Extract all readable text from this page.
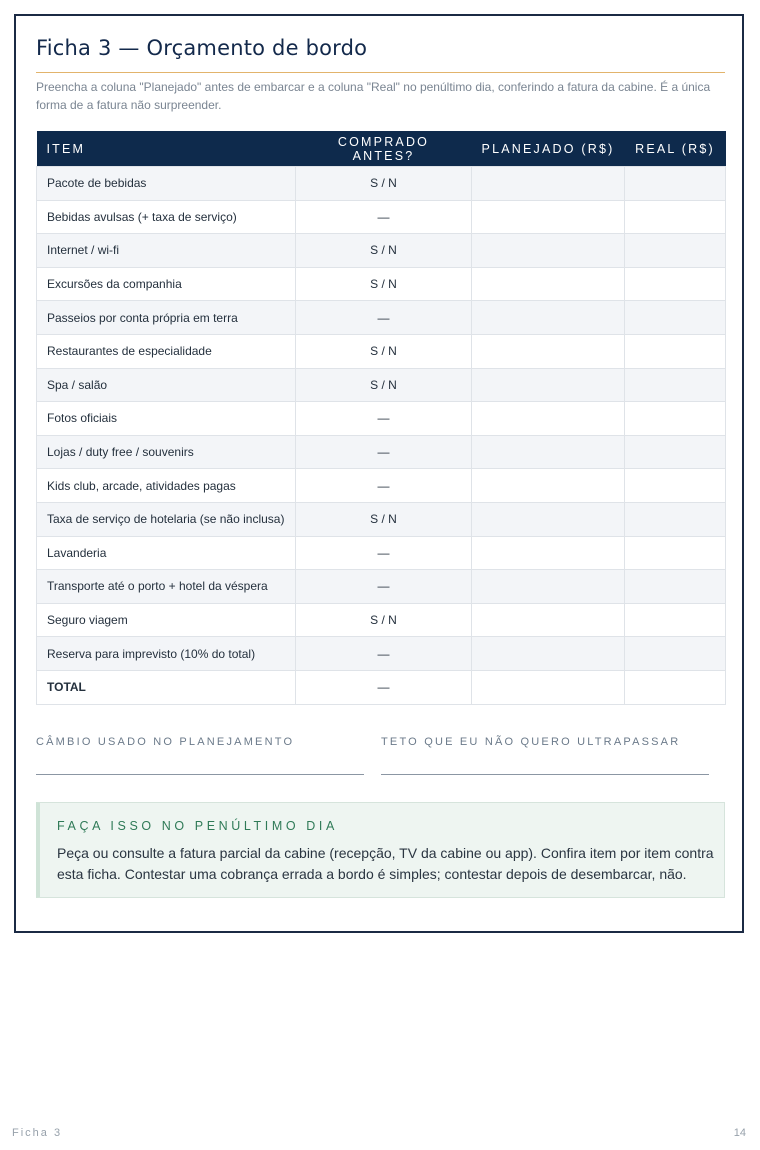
Ficha 3 — Orçamento de bordo

Preencha a coluna "Planejado" antes de embarcar e a coluna "Real" no penúltimo dia, conferindo a fatura da cabine. É a única forma de a fatura não surpreender.

ITEM	COMPRADO ANTES?	PLANEJADO (R$)	REAL (R$)
Pacote de bebidas	S / N		
Bebidas avulsas (+ taxa de serviço)	—		
Internet / wi-fi	S / N		
Excursões da companhia	S / N		
Passeios por conta própria em terra	—		
Restaurantes de especialidade	S / N		
Spa / salão	S / N		
Fotos oficiais	—		
Lojas / duty free / souvenirs	—		
Kids club, arcade, atividades pagas	—		
Taxa de serviço de hotelaria (se não inclusa)	S / N		
Lavanderia	—		
Transporte até o porto + hotel da véspera	—		
Seguro viagem	S / N		
Reserva para imprevisto (10% do total)	—		
TOTAL	—		
CÂMBIO USADO NO PLANEJAMENTO	TETO QUE EU NÃO QUERO ULTRAPASSAR
FAÇA ISSO NO PENÚLTIMO DIA

Peça ou consulte a fatura parcial da cabine (recepção, TV da cabine ou app). Confira item por item contra esta ficha. Contestar uma cobrança errada a bordo é simples; contestar depois de desembarcar, não.

Ficha 3	14
